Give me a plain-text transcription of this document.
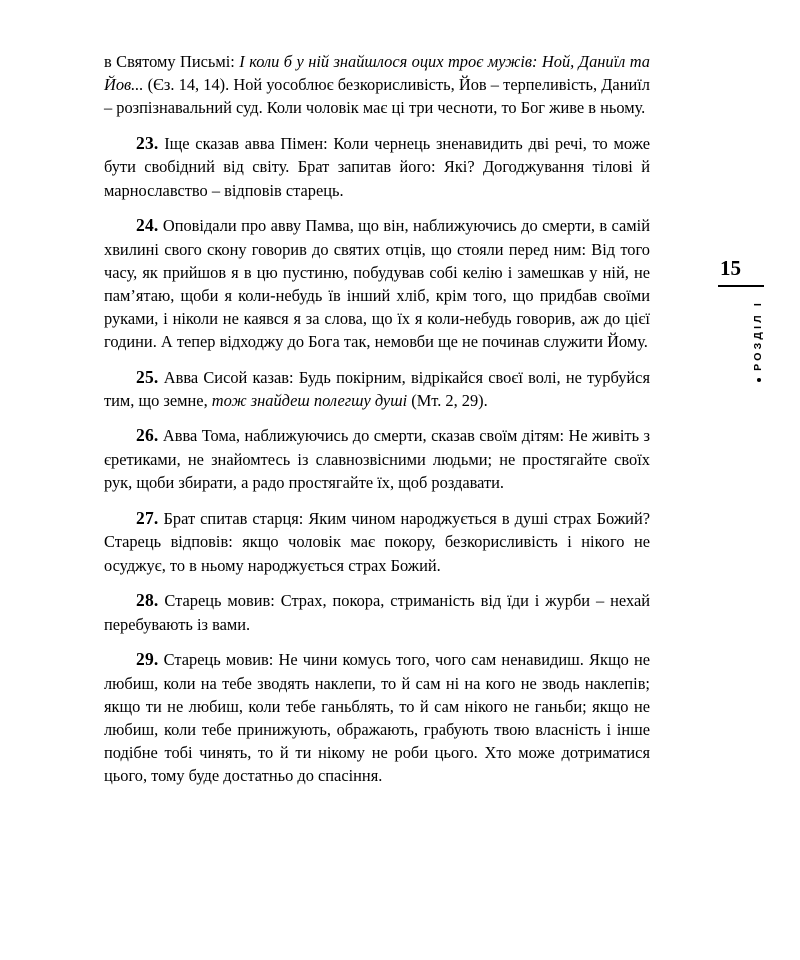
в Святому Письмі: І коли б у ній знайшлося оцих троє мужів: Ной, Даниїл та Йов... (Єз. 14, 14). Ной уособлює безкорисливість, Йов – терпеливість, Даниїл – розпізнавальний суд. Коли чоловік має ці три чесноти, то Бог живе в ньому.

23. Іще сказав авва Пімен: Коли чернець зненавидить дві речі, то може бути свобідний від світу. Брат запитав його: Які? Догоджування тілові й марнославство – відповів старець.

24. Оповідали про авву Памва, що він, наближуючись до смерти, в самій хвилині свого скону говорив до святих отців, що стояли перед ним: Від того часу, як прийшов я в цю пустиню, побудував собі келію і замешкав у ній, не пам’ятаю, щоби я коли-небудь їв інший хліб, крім того, що придбав своїми руками, і ніколи не каявся я за слова, що їх я коли-небудь говорив, аж до цієї години. А тепер відходжу до Бога так, немовби ще не починав служити Йому.

25. Авва Сисой казав: Будь покірним, відрікайся своєї волі, не турбуйся тим, що земне, тож знайдеш полегшу душі (Мт. 2, 29).

26. Авва Тома, наближуючись до смерти, сказав своїм дітям: Не живіть з єретиками, не знайомтесь із славнозвісними людьми; не простягайте своїх рук, щоби збирати, а радо простягайте їх, щоб роздавати.

27. Брат спитав старця: Яким чином народжується в душі страх Божий? Старець відповів: якщо чоловік має покору, безкорисливість і нікого не осуджує, то в ньому народжується страх Божий.

28. Старець мовив: Страх, покора, стриманість від їди і журби – нехай перебувають із вами.

29. Старець мовив: Не чини комусь того, чого сам ненавидиш. Якщо не любиш, коли на тебе зводять наклепи, то й сам ні на кого не зводь наклепів; якщо ти не любиш, коли тебе ганьблять, то й сам нікого не ганьби; якщо не любиш, коли тебе принижують, ображають, грабують твою власність і інше подібне тобі чинять, то й ти нікому не роби цього. Хто може дотриматися цього, тому буде достатньо до спасіння.

15
РОЗДІЛ І
